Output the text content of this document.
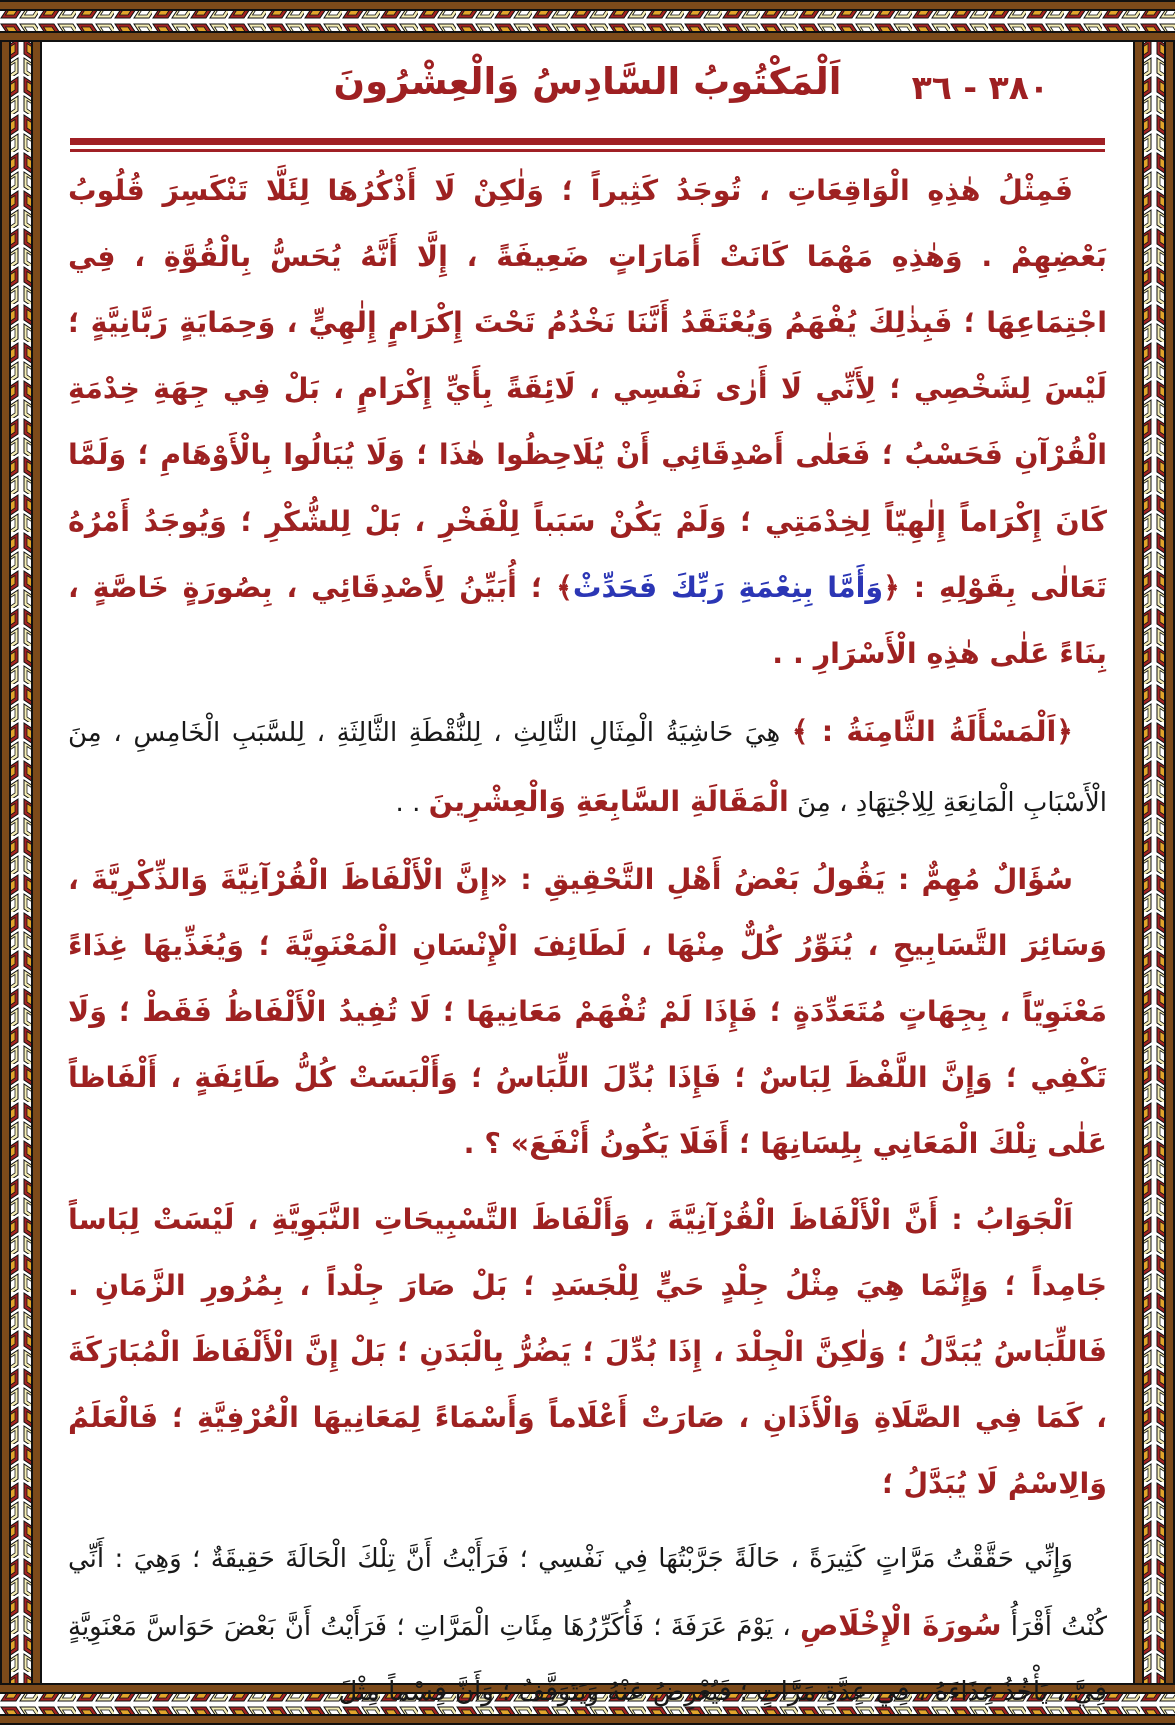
٣٨٠ - ٣٦
اَلْمَكْتُوبُ السَّادِسُ وَالْعِشْرُونَ

فَمِثْلُ هٰذِهِ الْوَاقِعَاتِ ، تُوجَدُ كَثِيراً ؛ وَلٰكِنْ لَا أَذْكُرُهَا لِئَلَّا تَنْكَسِرَ قُلُوبُ بَعْضِهِمْ . وَهٰذِهِ مَهْمَا كَانَتْ أَمَارَاتٍ ضَعِيفَةً ، إِلَّا أَنَّهُ يُحَسُّ بِالْقُوَّةِ ، فِي اجْتِمَاعِهَا ؛ فَبِذٰلِكَ يُفْهَمُ وَيُعْتَقَدُ أَنَّنَا نَخْدُمُ تَحْتَ إِكْرَامٍ إِلٰهِيٍّ ، وَحِمَايَةٍ رَبَّانِيَّةٍ ؛ لَيْسَ لِشَخْصِي ؛ لِأَنِّي لَا أَرٰى نَفْسِي ، لَائِقَةً بِأَيِّ إِكْرَامٍ ، بَلْ فِي جِهَةِ خِدْمَةِ الْقُرْآنِ فَحَسْبُ ؛ فَعَلٰى أَصْدِقَائِي أَنْ يُلَاحِظُوا هٰذَا ؛ وَلَا يُبَالُوا بِالْأَوْهَامِ ؛ وَلَمَّا كَانَ إِكْرَاماً إِلٰهِيّاً لِخِدْمَتِي ؛ وَلَمْ يَكُنْ سَبَباً لِلْفَخْرِ ، بَلْ لِلشُّكْرِ ؛ وَيُوجَدُ أَمْرُهُ تَعَالٰى بِقَوْلِهِ : ﴿وَأَمَّا بِنِعْمَةِ رَبِّكَ فَحَدِّثْ﴾ ؛ أُبَيِّنُ لِأَصْدِقَائِي ، بِصُورَةٍ خَاصَّةٍ ، بِنَاءً عَلٰى هٰذِهِ الْأَسْرَارِ . .

﴿اَلْمَسْأَلَةُ الثَّامِنَةُ : ﴾ هِيَ حَاشِيَةُ الْمِثَالِ الثَّالِثِ ، لِلنُّقْطَةِ الثَّالِثَةِ ، لِلسَّبَبِ الْخَامِسِ ، مِنَ الْأَسْبَابِ الْمَانِعَةِ لِلِاجْتِهَادِ ، مِنَ الْمَقَالَةِ السَّابِعَةِ وَالْعِشْرِينَ . .

سُؤَالٌ مُهِمٌّ : يَقُولُ بَعْضُ أَهْلِ التَّحْقِيقِ : «إِنَّ الْأَلْفَاظَ الْقُرْآنِيَّةَ وَالذِّكْرِيَّةَ ، وَسَائِرَ التَّسَابِيحِ ، يُنَوِّرُ كُلٌّ مِنْهَا ، لَطَائِفَ الْإِنْسَانِ الْمَعْنَوِيَّةَ ؛ وَيُغَذِّيهَا غِذَاءً مَعْنَوِيّاً ، بِجِهَاتٍ مُتَعَدِّدَةٍ ؛ فَإِذَا لَمْ تُفْهَمْ مَعَانِيهَا ؛ لَا تُفِيدُ الْأَلْفَاظُ فَقَطْ ؛ وَلَا تَكْفِي ؛ وَإِنَّ اللَّفْظَ لِبَاسٌ ؛ فَإِذَا بُدِّلَ اللِّبَاسُ ؛ وَأَلْبَسَتْ كُلُّ طَائِفَةٍ ، أَلْفَاظاً عَلٰى تِلْكَ الْمَعَانِي بِلِسَانِهَا ؛ أَفَلَا يَكُونُ أَنْفَعَ» ؟ .

اَلْجَوَابُ : أَنَّ الْأَلْفَاظَ الْقُرْآنِيَّةَ ، وَأَلْفَاظَ التَّسْبِيحَاتِ النَّبَوِيَّةِ ، لَيْسَتْ لِبَاساً جَامِداً ؛ وَإِنَّمَا هِيَ مِثْلُ جِلْدٍ حَيٍّ لِلْجَسَدِ ؛ بَلْ صَارَ جِلْداً ، بِمُرُورِ الزَّمَانِ . فَاللِّبَاسُ يُبَدَّلُ ؛ وَلٰكِنَّ الْجِلْدَ ، إِذَا بُدِّلَ ؛ يَضُرُّ بِالْبَدَنِ ؛ بَلْ إِنَّ الْأَلْفَاظَ الْمُبَارَكَةَ ، كَمَا فِي الصَّلَاةِ وَالْأَذَانِ ، صَارَتْ أَعْلَاماً وَأَسْمَاءً لِمَعَانِيهَا الْعُرْفِيَّةِ ؛ فَالْعَلَمُ وَالِاسْمُ لَا يُبَدَّلُ ؛

وَإِنِّي حَقَّقْتُ مَرَّاتٍ كَثِيرَةً ، حَالَةً جَرَّبْتُهَا فِي نَفْسِي ؛ فَرَأَيْتُ أَنَّ تِلْكَ الْحَالَةَ حَقِيقَةٌ ؛ وَهِيَ : أَنِّي كُنْتُ أَقْرَأُ سُورَةَ الْإِخْلَاصِ ، يَوْمَ عَرَفَةَ ؛ فَأُكَرِّرُهَا مِئَاتِ الْمَرَّاتِ ؛ فَرَأَيْتُ أَنَّ بَعْضَ حَوَاسَّ مَعْنَوِيَّةٍ فِيَّ ، يَأْخُذُ غِذَاءَهُ ، فِي عِدَّةِ مَرَّاتٍ ؛ فَيُعْرِضُ عَنْهُ وَيَتَوَقَّفُ ؛ وَأَنَّ قِسْماً مِثْلَ
